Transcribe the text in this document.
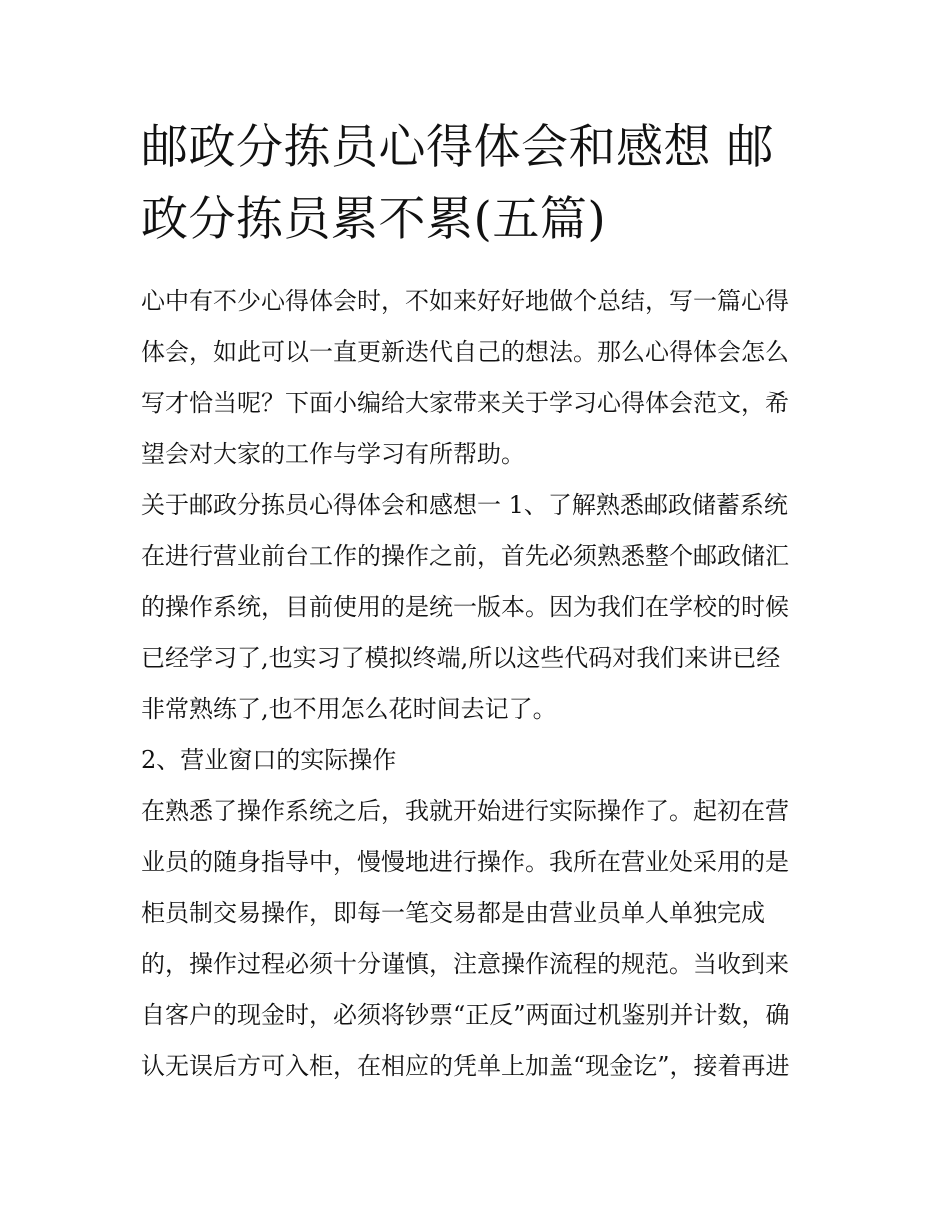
邮政分拣员心得体会和感想 邮
政分拣员累不累(五篇)
心中有不少心得体会时，不如来好好地做个总结，写一篇心得
体会，如此可以一直更新迭代自己的想法。那么心得体会怎么
写才恰当呢？下面小编给大家带来关于学习心得体会范文，希
望会对大家的工作与学习有所帮助。
关于邮政分拣员心得体会和感想一 1、了解熟悉邮政储蓄系统
在进行营业前台工作的操作之前，首先必须熟悉整个邮政储汇
的操作系统，目前使用的是统一版本。因为我们在学校的时候
已经学习了,也实习了模拟终端,所以这些代码对我们来讲已经
非常熟练了,也不用怎么花时间去记了。
2、营业窗口的实际操作
在熟悉了操作系统之后，我就开始进行实际操作了。起初在营
业员的随身指导中，慢慢地进行操作。我所在营业处采用的是
柜员制交易操作，即每一笔交易都是由营业员单人单独完成
的，操作过程必须十分谨慎，注意操作流程的规范。当收到来
自客户的现金时，必须将钞票“正反”两面过机鉴别并计数，确
认无误后方可入柜，在相应的凭单上加盖“现金讫”，接着再进
